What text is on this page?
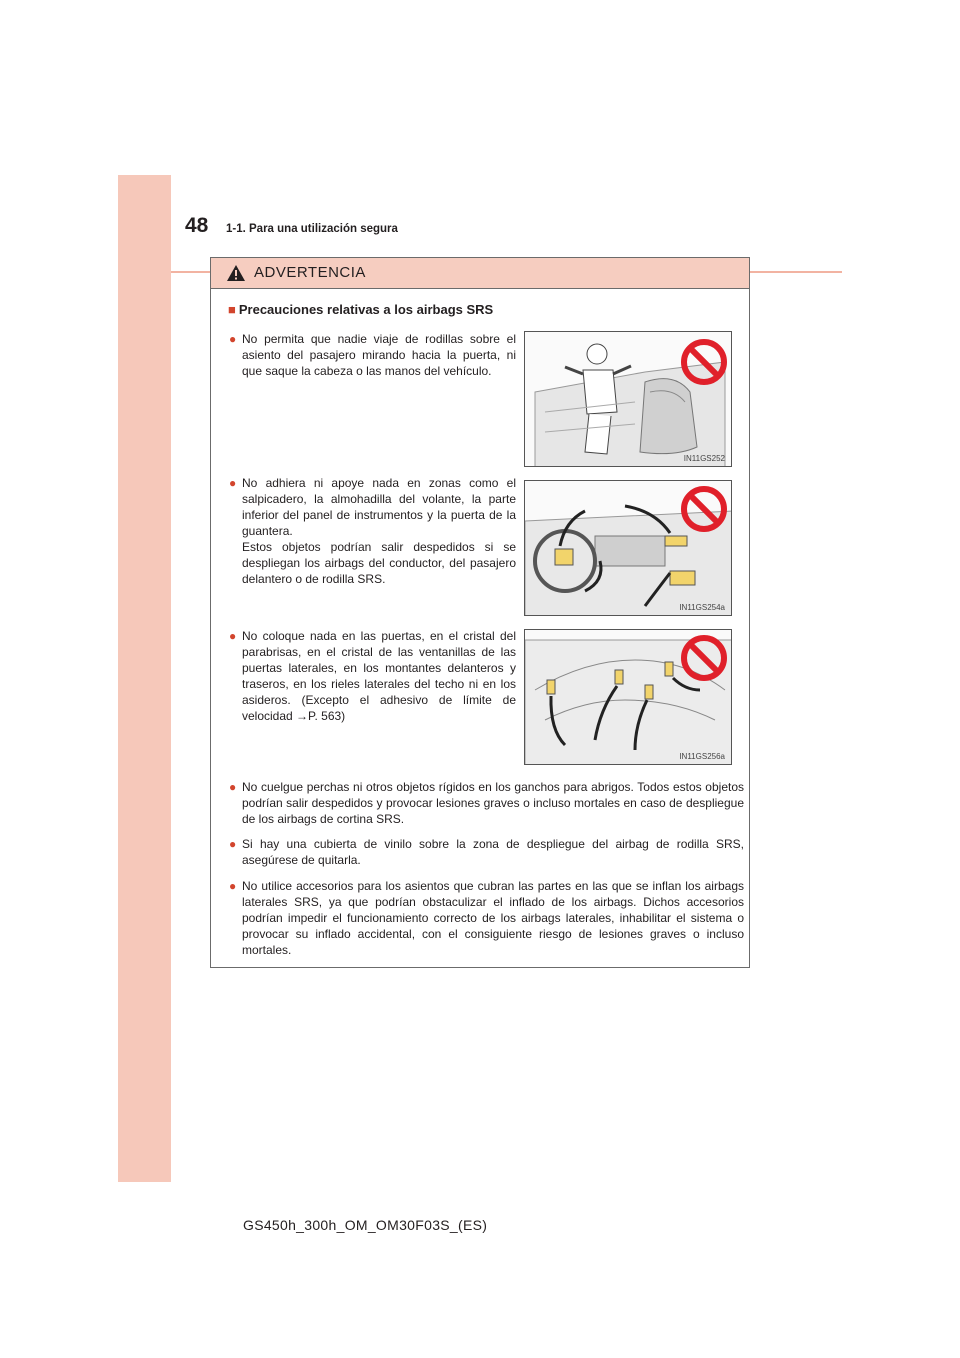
48 1-1. Para una utilización segura
ADVERTENCIA
■ Precauciones relativas a los airbags SRS
● No permita que nadie viaje de rodillas sobre el asiento del pasajero mirando hacia la puerta, ni que saque la cabeza o las manos del vehículo.
IN11GS252
● No adhiera ni apoye nada en zonas como el salpicadero, la almohadilla del volante, la parte inferior del panel de instrumentos y la puerta de la guantera.
Estos objetos podrían salir despedidos si se despliegan los airbags del conductor, del pasajero delantero o de rodilla SRS.
IN11GS254a
● No coloque nada en las puertas, en el cristal del parabrisas, en el cristal de las ventanillas de las puertas laterales, en los montantes delanteros y traseros, en los rieles laterales del techo ni en los asideros. (Excepto el adhesivo de límite de velocidad →P. 563)
IN11GS256a
● No cuelgue perchas ni otros objetos rígidos en los ganchos para abrigos. Todos estos objetos podrían salir despedidos y provocar lesiones graves o incluso mortales en caso de despliegue de los airbags de cortina SRS.
● Si hay una cubierta de vinilo sobre la zona de despliegue del airbag de rodilla SRS, asegúrese de quitarla.
● No utilice accesorios para los asientos que cubran las partes en las que se inflan los airbags laterales SRS, ya que podrían obstaculizar el inflado de los airbags. Dichos accesorios podrían impedir el funcionamiento correcto de los airbags laterales, inhabilitar el sistema o provocar su inflado accidental, con el consiguiente riesgo de lesiones graves o incluso mortales.
GS450h_300h_OM_OM30F03S_(ES)
